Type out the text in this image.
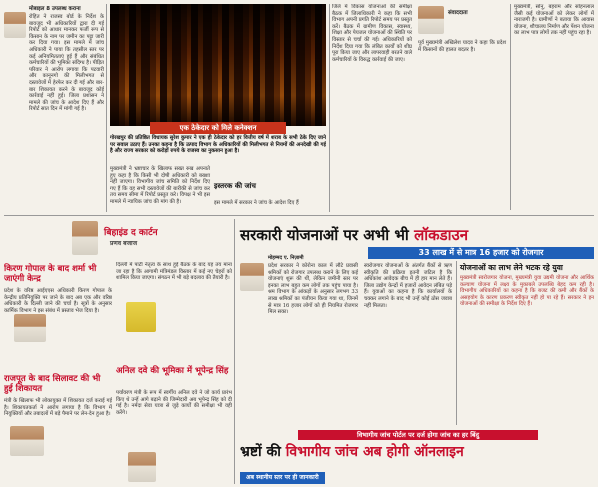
मोबाइल 8 उपलब्ध कराना
रोहित ने राजस्व बोर्ड के निर्देश के बावजूद भी अधिकारियों द्वारा दी गई रिपोर्ट को आधार मानकर फर्जी रूप से किसान के नाम पर जमीन का पट्टा जारी कर दिया गया। इस मामले में जांच अधिकारी ने पाया कि तहसील स्तर पर कई अनियमितताएं हुई हैं और संबंधित कर्मचारियों की भूमिका संदिग्ध है। पीड़ित परिवार ने आरोप लगाया कि पटवारी और कानूनगो की मिलीभगत से दस्तावेजों में हेरफेर कर दी गई और बार-बार शिकायत करने के बावजूद कोई कार्रवाई नहीं हुई। जिला प्रशासन ने मामले की जांच के आदेश दिए हैं और रिपोर्ट सात दिन में मांगी गई है।
एक ठेकेदार को मिले कनेक्शन
गोरखपुर की प्रतिष्ठित विधायक सुरेश कुमार ने एक ही ठेकेदार को हर वित्तीय वर्ष में शराब के सभी ठेके दिए जाने पर सवाल उठाए हैं। उनका कहना है कि उत्पाद विभाग के अधिकारियों की मिलीभगत से नियमों की अनदेखी की गई है और राज्य सरकार को करोड़ों रुपये के राजस्व का नुकसान हुआ है।
मुख्यमंत्री ने भ्रष्टाचार के खिलाफ सख्त रुख अपनाते हुए कहा है कि किसी भी दोषी अधिकारी को बख्शा नहीं जाएगा। विभागीय जांच समिति को निर्देश दिए गए हैं कि वह सभी दस्तावेजों की बारीकी से जांच कर तय समय सीमा में रिपोर्ट प्रस्तुत करे। विपक्ष ने भी इस मामले में न्यायिक जांच की मांग की है।
इस्तरक की जांच
इस मामले में सरकार ने जांच के आदेश दिए हैं
जिले में विकास योजनाओं की समीक्षा बैठक में जिलाधिकारी ने कहा कि सभी विभाग अपनी प्रगति रिपोर्ट समय पर प्रस्तुत करें। बैठक में ग्रामीण विकास, स्वास्थ्य, शिक्षा और पेयजल योजनाओं की स्थिति पर विस्तार से चर्चा की गई। अधिकारियों को निर्देश दिया गया कि लंबित कार्यों को शीघ्र पूरा किया जाए और लापरवाही बरतने वाले कर्मचारियों के विरुद्ध कार्रवाई की जाए।
संवाददाता
पूर्व मुख्यमंत्री अखिलेश यादव ने कहा कि प्रदेश में किसानों की हालत बदतर है।
मुख्यमंत्री, सोनू, बहराम और सोहनलाल जैसी कई योजनाओं को लेकर लोगों में नाराजगी है। ग्रामीणों ने बताया कि आवास योजना, शौचालय निर्माण और पेंशन योजना का लाभ पात्र लोगों तक नहीं पहुंच रहा है।
बिहाइंड द कार्टन
प्रणव बजाज
किरण गोपाल के बाद शर्मा भी जाएंगी केन्द्र
प्रदेश के वरिष्ठ आईएएस अधिकारी किरण गोपाल के केन्द्रीय प्रतिनियुक्ति पर जाने के बाद अब एक और वरिष्ठ अधिकारी के दिल्ली जाने की चर्चा है। सूत्रों के अनुसार कार्मिक विभाग ने इस संबंध में प्रस्ताव भेज दिया है।
राजपूत के बाद सिलावट की भी हुई शिकायत
मंत्री के खिलाफ भी लोकायुक्त में शिकायत दर्ज कराई गई है। शिकायतकर्ता ने आरोप लगाया है कि विभाग में नियुक्तियों और तबादलों में बड़े पैमाने पर लेन-देन हुआ है।
दिल्ली में पार्टी नेतृत्व के साथ हुई बैठक के बाद यह तय माना जा रहा है कि आगामी मंत्रिमंडल विस्तार में कई नए चेहरों को शामिल किया जाएगा। संगठन में भी बड़े बदलाव की तैयारी है।
अनिल दवे की भूमिका में भूपेन्द्र सिंह
पर्यावरण मंत्री के रूप में स्वर्गीय अनिल दवे ने जो कार्य प्रारंभ किए थे उन्हें आगे बढ़ाने की जिम्मेदारी अब भूपेन्द्र सिंह को दी गई है। नर्मदा सेवा यात्रा से जुड़े कार्यों की समीक्षा भी वही करेंगे।
सरकारी योजनाओं पर अभी भी लॉकडाउन
33 लाख में से मात्र 16 हजार को रोजगार
मोहम्मद ए. निज़ामी
प्रदेश सरकार ने कोरोना काल में लौटे प्रवासी श्रमिकों को रोजगार उपलब्ध कराने के लिए कई योजनाएं शुरू की थीं, लेकिन जमीनी स्तर पर इनका लाभ बहुत कम लोगों तक पहुंच पाया है। श्रम विभाग के आंकड़ों के अनुसार लगभग 33 लाख श्रमिकों का पंजीयन किया गया था, जिनमें से मात्र 16 हजार लोगों को ही नियमित रोजगार मिल सका।
स्वरोजगार योजनाओं के अंतर्गत बैंकों से ऋण स्वीकृति की प्रक्रिया इतनी जटिल है कि अधिकांश आवेदक बीच में ही हार मान लेते हैं। जिला उद्योग केन्द्रों में हजारों आवेदन लंबित पड़े हैं। युवाओं का कहना है कि कार्यालयों के चक्कर लगाने के बाद भी उन्हें कोई ठोस जवाब नहीं मिलता।
योजनाओं का लाभ लेने भटक रहे युवा
मुख्यमंत्री स्वरोजगार योजना, मुख्यमंत्री युवा उद्यमी योजना और आर्थिक कल्याण योजना में लक्ष्य के मुकाबले उपलब्धि बेहद कम रही है। विभागीय अधिकारियों का कहना है कि बजट की कमी और बैंकों के असहयोग के कारण प्रकरण स्वीकृत नहीं हो पा रहे हैं। सरकार ने इन योजनाओं की समीक्षा के निर्देश दिए हैं।
विभागीय जांच पोर्टल पर दर्ज होगा जांच का हर बिंदु
भ्रष्टों की विभागीय जांच अब होगी ऑनलाइन
अब स्थानीय स्तर पर ही जानकारी
